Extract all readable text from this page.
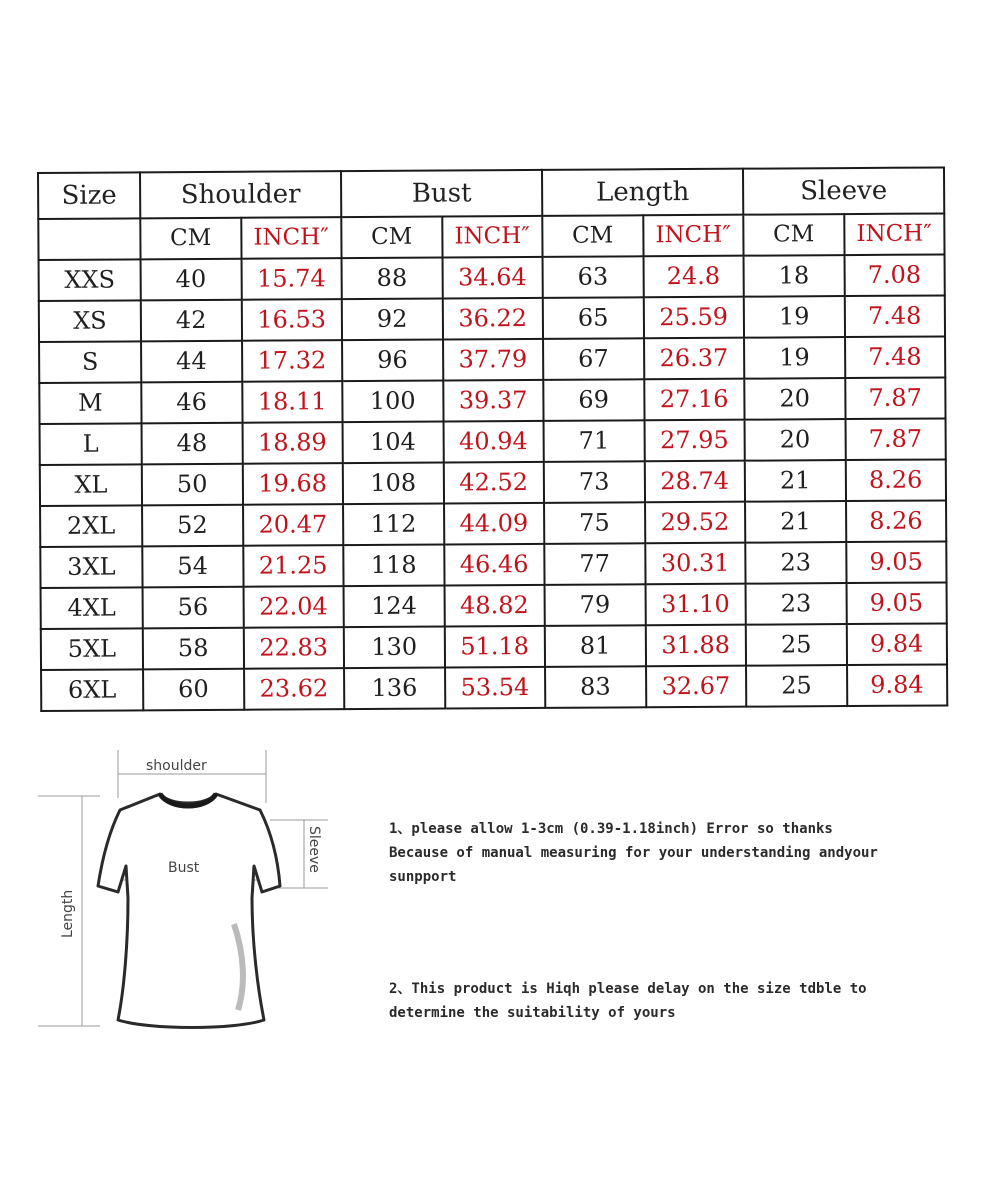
Size	Shoulder		Bust		Length		Sleeve	
	CM	INCH″	CM	INCH″	CM	INCH″	CM	INCH″
XXS	40	15.74	88	34.64	63	24.8	18	7.08
XS	42	16.53	92	36.22	65	25.59	19	7.48
S	44	17.32	96	37.79	67	26.37	19	7.48
M	46	18.11	100	39.37	69	27.16	20	7.87
L	48	18.89	104	40.94	71	27.95	20	7.87
XL	50	19.68	108	42.52	73	28.74	21	8.26
2XL	52	20.47	112	44.09	75	29.52	21	8.26
3XL	54	21.25	118	46.46	77	30.31	23	9.05
4XL	56	22.04	124	48.82	79	31.10	23	9.05
5XL	58	22.83	130	51.18	81	31.88	25	9.84
6XL	60	23.62	136	53.54	83	32.67	25	9.84
shoulder
Bust	Sleeve
Length
1、please allow 1-3cm (0.39-1.18inch) Error so thanks
Because of manual measuring for your understanding andyour
sunpport
2、This product is Hiqh please delay on the size tdble to
determine the suitability of yours
